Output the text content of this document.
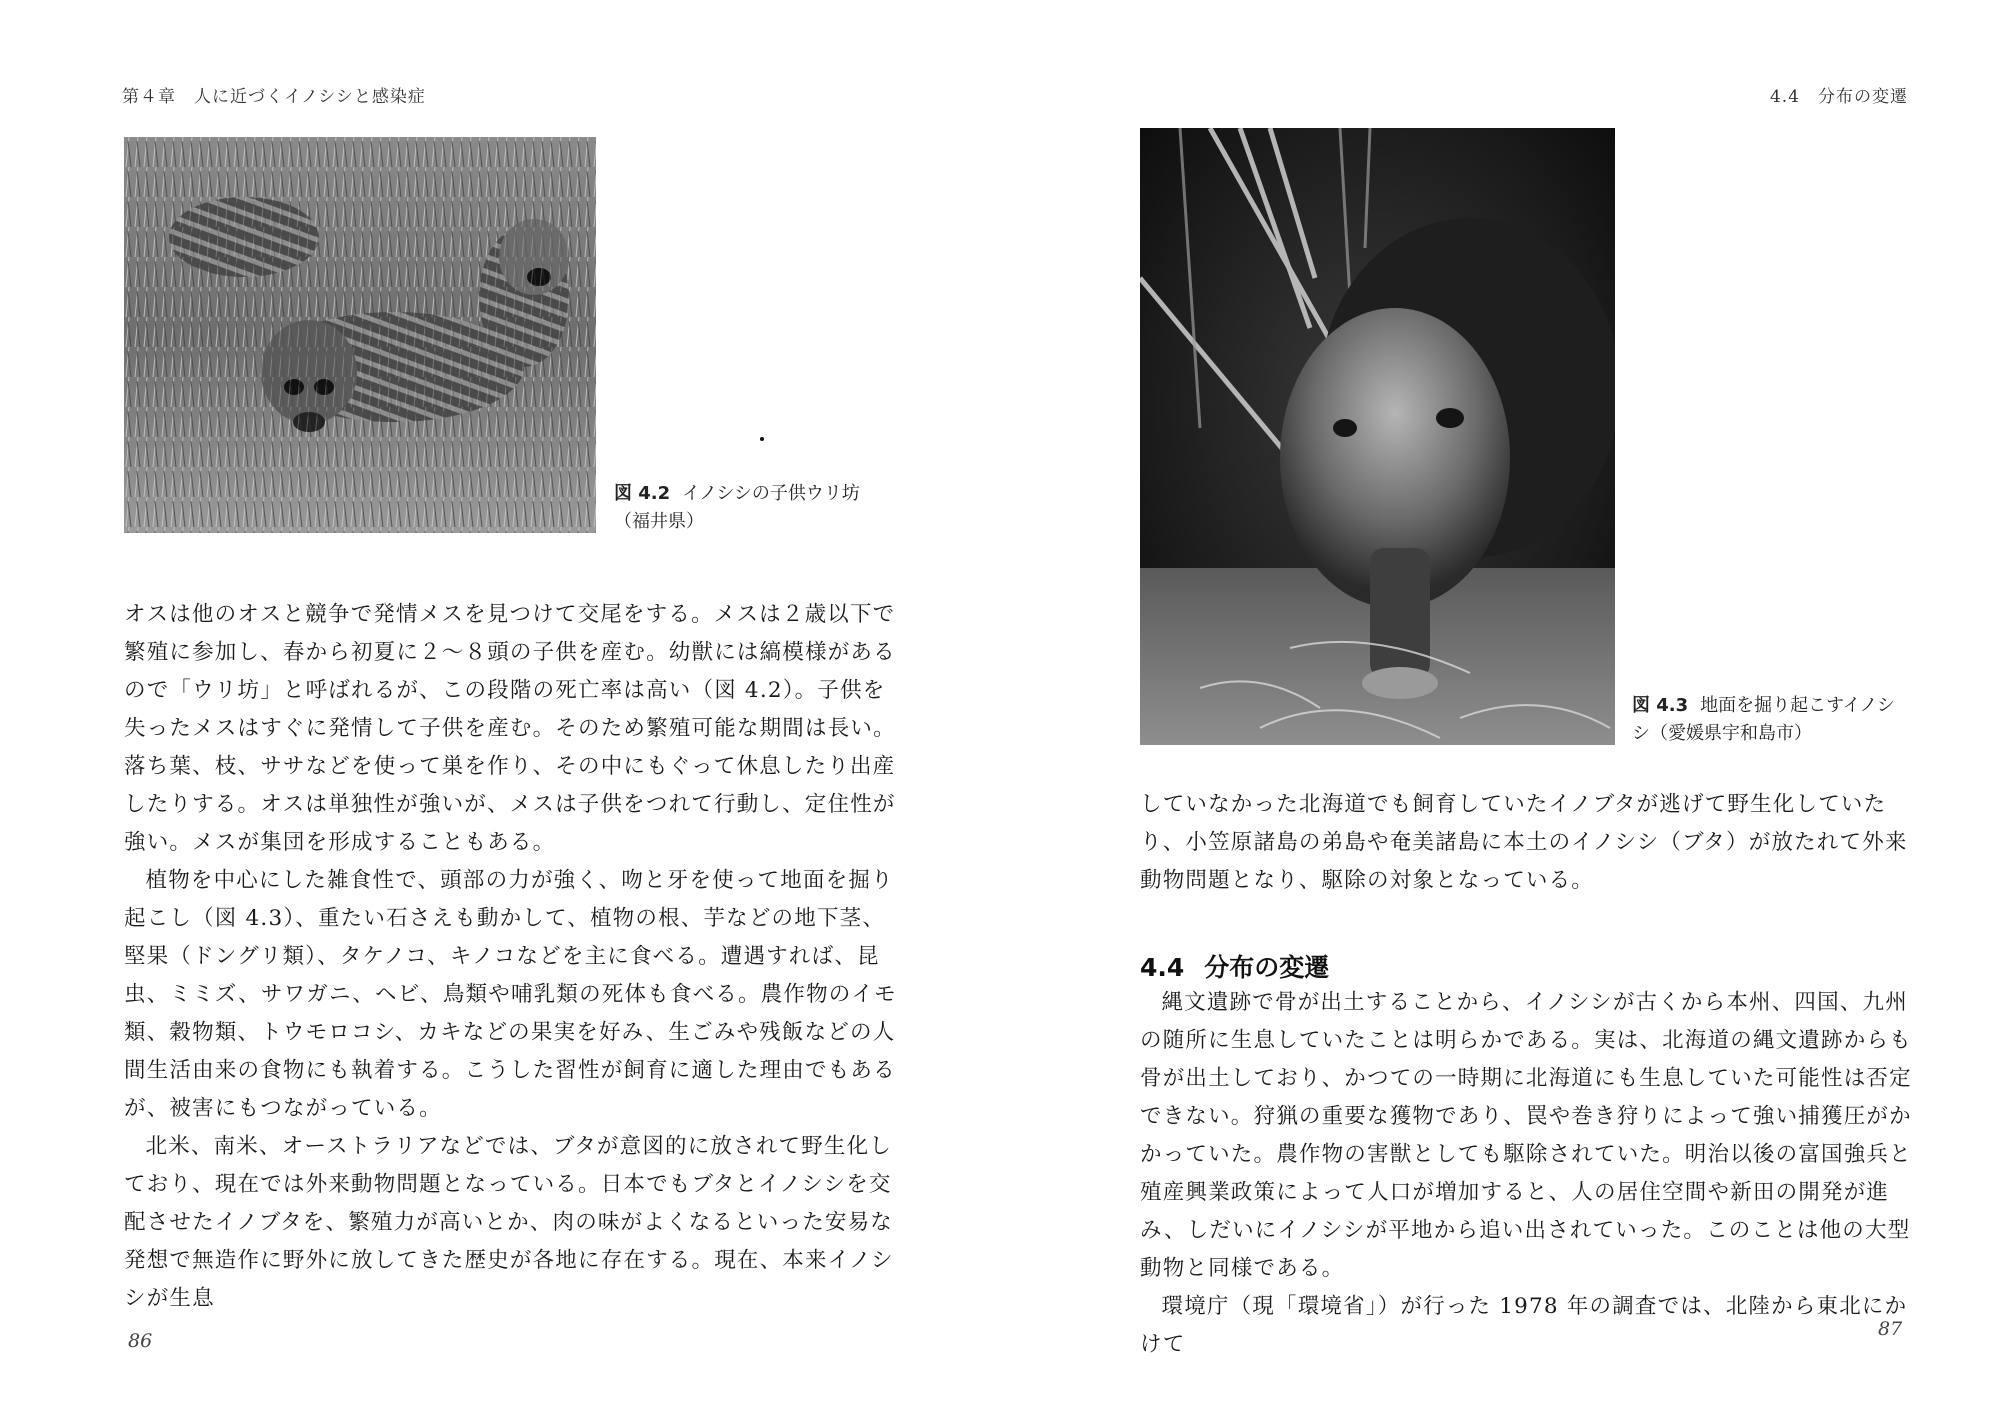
第４章　人に近づくイノシシと感染症
図 4.2 イノシシの子供ウリ坊
（福井県）

オスは他のオスと競争で発情メスを見つけて交尾をする。メスは２歳以下で繁殖に参加し、春から初夏に２～８頭の子供を産む。幼獣には縞模様があるので「ウリ坊」と呼ばれるが、この段階の死亡率は高い（図 4.2）。子供を失ったメスはすぐに発情して子供を産む。そのため繁殖可能な期間は長い。落ち葉、枝、ササなどを使って巣を作り、その中にもぐって休息したり出産したりする。オスは単独性が強いが、メスは子供をつれて行動し、定住性が強い。メスが集団を形成することもある。

植物を中心にした雑食性で、頭部の力が強く、吻と牙を使って地面を掘り起こし（図 4.3）、重たい石さえも動かして、植物の根、芋などの地下茎、堅果（ドングリ類）、タケノコ、キノコなどを主に食べる。遭遇すれば、昆虫、ミミズ、サワガニ、ヘビ、鳥類や哺乳類の死体も食べる。農作物のイモ類、穀物類、トウモロコシ、カキなどの果実を好み、生ごみや残飯などの人間生活由来の食物にも執着する。こうした習性が飼育に適した理由でもあるが、被害にもつながっている。

北米、南米、オーストラリアなどでは、ブタが意図的に放されて野生化しており、現在では外来動物問題となっている。日本でもブタとイノシシを交配させたイノブタを、繁殖力が高いとか、肉の味がよくなるといった安易な発想で無造作に野外に放してきた歴史が各地に存在する。現在、本来イノシシが生息

86
4.4　分布の変遷
図 4.3 地面を掘り起こすイノシ
シ（愛媛県宇和島市）

していなかった北海道でも飼育していたイノブタが逃げて野生化していたり、小笠原諸島の弟島や奄美諸島に本土のイノシシ（ブタ）が放たれて外来動物問題となり、駆除の対象となっている。

4.4 分布の変遷

縄文遺跡で骨が出土することから、イノシシが古くから本州、四国、九州の随所に生息していたことは明らかである。実は、北海道の縄文遺跡からも骨が出土しており、かつての一時期に北海道にも生息していた可能性は否定できない。狩猟の重要な獲物であり、罠や巻き狩りによって強い捕獲圧がかかっていた。農作物の害獣としても駆除されていた。明治以後の富国強兵と殖産興業政策によって人口が増加すると、人の居住空間や新田の開発が進み、しだいにイノシシが平地から追い出されていった。このことは他の大型動物と同様である。

環境庁（現「環境省」）が行った 1978 年の調査では、北陸から東北にかけて

87
